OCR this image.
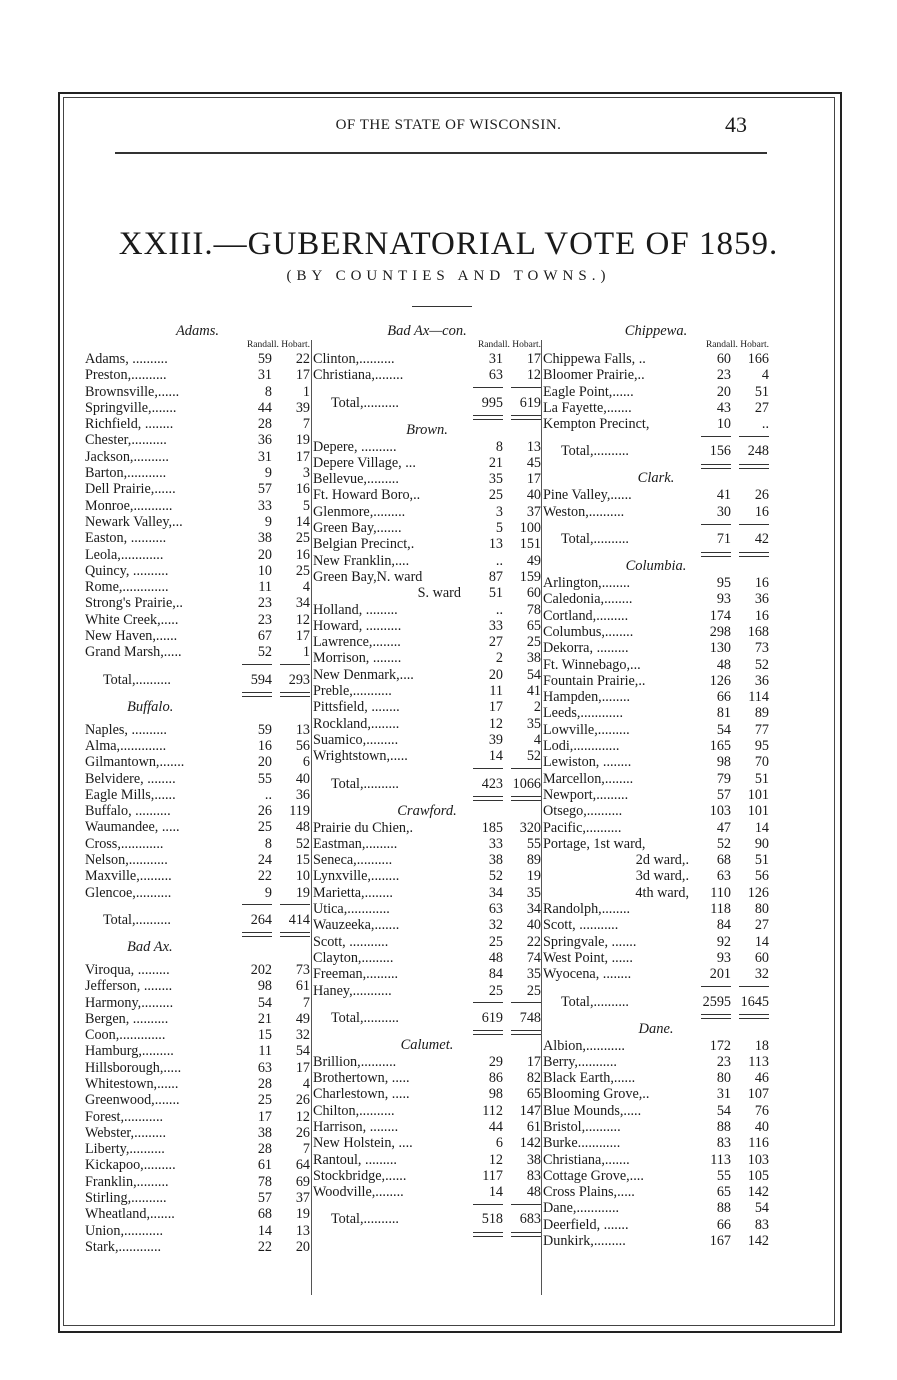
OF THE STATE OF WISCONSIN.	43
XXIII.—GUBERNATORIAL VOTE OF 1859.
(BY COUNTIES AND TOWNS.)
Adams.
Randall. Hobart.
Adams, ..........	59	22
Preston,..........	31	17
Brownsville,......	8	1
Springville,.......	44	39
Richfield, ........	28	7
Chester,..........	36	19
Jackson,..........	31	17
Barton,...........	9	3
Dell Prairie,......	57	16
Monroe,...........	33	5
Newark Valley,...	9	14
Easton, ..........	38	25
Leola,............	20	16
Quincy, ..........	10	25
Rome,.............	11	4
Strong's Prairie,..	23	34
White Creek,.....	23	12
New Haven,......	67	17
Grand Marsh,.....	52	1
Total,..........	594	293
Buffalo.
Naples, ..........	59	13
Alma,.............	16	56
Gilmantown,.......	20	6
Belvidere, ........	55	40
Eagle Mills,......	..	36
Buffalo, ..........	26	119
Waumandee, .....	25	48
Cross,............	8	52
Nelson,...........	24	15
Maxville,.........	22	10
Glencoe,..........	9	19
Total,..........	264	414
Bad Ax.
Viroqua, .........	202	73
Jefferson, ........	98	61
Harmony,.........	54	7
Bergen, ..........	21	49
Coon,.............	15	32
Hamburg,.........	11	54
Hillsborough,.....	63	17
Whitestown,......	28	4
Greenwood,.......	25	26
Forest,...........	17	12
Webster,.........	38	26
Liberty,..........	28	7
Kickapoo,.........	61	64
Franklin,.........	78	69
Stirling,..........	57	37
Wheatland,.......	68	19
Union,...........	14	13
Stark,............	22	20
Bad Ax—con.
Randall. Hobart.
Clinton,..........	31	17
Christiana,........	63	12
Total,..........	995	619
Brown.
Depere, ..........	8	13
Depere Village, ...	21	45
Bellevue,.........	35	17
Ft. Howard Boro,..	25	40
Glenmore,.........	3	37
Green Bay,.......	5	100
Belgian Precinct,.	13	151
New Franklin,....	..	49
Green Bay,N. ward	87	159
S. ward	51	60
Holland, .........	..	78
Howard, ..........	33	65
Lawrence,........	27	25
Morrison, ........	2	38
New Denmark,....	20	54
Preble,...........	11	41
Pittsfield, ........	17	2
Rockland,........	12	35
Suamico,.........	39	4
Wrightstown,.....	14	52
Total,..........	423 1066
Crawford.
Prairie du Chien,.	185	320
Eastman,.........	33	55
Seneca,..........	38	89
Lynxville,........	52	19
Marietta,........	34	35
Utica,............	63	34
Wauzeeka,.......	32	40
Scott, ...........	25	22
Clayton,.........	48	74
Freeman,.........	84	35
Haney,...........	25	25
Total,..........	619	748
Calumet.
Brillion,..........	29	17
Brothertown, .....	86	82
Charlestown, .....	98	65
Chilton,..........	112	147
Harrison, ........	44	61
New Holstein, ....	6	142
Rantoul, .........	12	38
Stockbridge,......	117	83
Woodville,........	14	48
Total,..........	518	683
Chippewa.
Randall. Hobart.
Chippewa Falls, ..	60	166
Bloomer Prairie,..	23	4
Eagle Point,......	20	51
La Fayette,.......	43	27
Kempton Precinct,	10	..
Total,..........	156	248
Clark.
Pine Valley,......	41	26
Weston,..........	30	16
Total,..........	71	42
Columbia.
Arlington,........	95	16
Caledonia,........	93	36
Cortland,.........	174	16
Columbus,........	298	168
Dekorra, .........	130	73
Ft. Winnebago,...	48	52
Fountain Prairie,..	126	36
Hampden,........	66	114
Leeds,............	81	89
Lowville,.........	54	77
Lodi,.............	165	95
Lewiston, ........	98	70
Marcellon,........	79	51
Newport,.........	57	101
Otsego,..........	103	101
Pacific,..........	47	14
Portage, 1st ward,	52	90
2d ward,.	68	51
3d ward,.	63	56
4th ward,	110	126
Randolph,........	118	80
Scott, ...........	84	27
Springvale, .......	92	14
West Point, ......	93	60
Wyocena, ........	201	32
Total,..........	2595 1645
Dane.
Albion,...........	172	18
Berry,...........	23	113
Black Earth,......	80	46
Blooming Grove,..	31	107
Blue Mounds,.....	54	76
Bristol,..........	88	40
Burke............	83	116
Christiana,.......	113	103
Cottage Grove,....	55	105
Cross Plains,.....	65	142
Dane,............	88	54
Deerfield, .......	66	83
Dunkirk,.........	167	142
